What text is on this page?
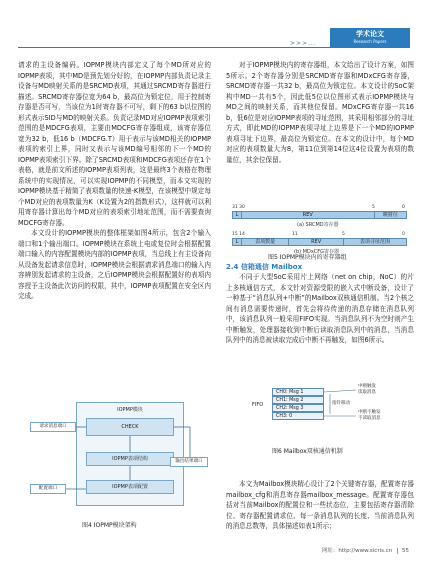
>>>...
学术论文
Research Papers

请求的主设备编码。IOPMP模块内部定义了每个MD所对应的IOPMP表项，其中MD是预先划分好的，在IOPMP内部负责记录主设备与MD映射关系的是SRCMD表项，其通过SRCMD寄存器进行描述。SRCMD寄存器位宽为64 b，最高位为锁定位，用于控制寄存器是否可写，当该位为1时寄存器不可写，剩下的63 b以位图的形式表示SID与MD的映射关系。负责记录MD对应IOPMP表项索引范围的是MDCFG表项，主要由MDCFG寄存器组成，该寄存器位宽为32 b，低16 b（MDCFG.T）用于表示与该MD相关的IOPMP表项的索引上界，同时又表示与该MD编号相邻的下一个MD的IOPMP表项索引下界。除了SRCMD表项和MDCFG表项还存在1个表格，就是前文所述的IOPMP表项列表，这是最终3个表格在物理系统中的实现情况，可以实现IOPMP的不同模型，而本文实现的IOPMP模块基于精简了表项数量的快速-K模型，在该模型中规定每个MD对应的表项数量为K（K设置为2的指数形式），这样就可以利用寄存器计算出每个MD对应的表项索引地址范围，而不需要查询MDCFG寄存器。

本文设计的IOPMP模块的整体框架如图4所示，包含2个输入端口和1个输出端口。IOPMP模块在系统上电或复位时会根据配置端口输入的内容配置模块内部的IOPMP表项，当总线上有主设备向从设备发起请求信息时，IOPMP模块会根据请求消息端口的输入内容辨别发起请求的主设备，之后IOPMP模块会根据配置好的表项内容授予主设备此次访问的权限，其中，IOPMP表项配置在安全区内完成。

IOPMP模块
CHECK
IOPMP表项结构
IOPMP表项配置
请求消息端口
配置端口
输出结果端口
图4 IOPMP模块架构

对于IOPMP模块内的寄存器组，本文给出了设计方案，如图5所示。2个寄存器分别是SRCMD寄存器和MDxCFG寄存器，SRCMD寄存器一共32 b，最高位为锁定位。本文设计的SoC架构中MD一共有5个，因此低5位以位图形式表示IOPMP模块与MD之间的映射关系，而其他位保留。MDxCFG寄存器一共16 b，低6位是对应IOPMP表项的寻址范围，其采用相邻部分的寻址方式，即此MD的IOPMP表项寻址上边界是下一个MD的IOPMP表项寻址下边界，最高位为锁定位。在本文的设计中，每个MD对应的表项数量大为8，第11位到第14位这4位设置为表项的数量位，其余位保留。

31 30	5	0
L	REV	映射位
(a) SRCMD寄存器
15 14	11	5	0
L	表项数量	REV	表项寻址范围
(b) MDxCFG寄存器
图5 IOPMP模块内的寄存器组
2.4 信箱通信 Mailbox

不同于大型SoC采用片上网络（net on chip，NoC）的片上多核通信方式，本文针对资源受限的嵌入式中断设备，设计了一种基于“消息队列+中断”的Mailbox双核通信机制。当2个核之间有消息需要传递时，首先会将待传递的消息存储在消息队列中，该消息队列一般采用FIFO实现。当消息队列不为空时则产生中断触发，处理器接收到中断后读取消息队列中的消息，当消息队列中的消息被读取完成后中断不再触发，如图6所示。

FIFO
CH0: Msg 1
CH1: Msg 2
CH2: Msg 3
CH3: 0
中断触发
读取消息
指针移动
中断不触发
不读取消息
图6 Mailbox双核通信机制

本文为Mailbox模块精心设计了2个关键寄存器，配置寄存器mailbox_cfg和消息寄存器mailbox_message。配置寄存器包括对当前Mailbox的配置位和一些状态位，主要包括寄存器清除位、寄存器配置请求位、每一条消息队列的长度、当前消息队列的消息总数等，具体描述如表1所示；

网址：http://www.sicris.cn 55
